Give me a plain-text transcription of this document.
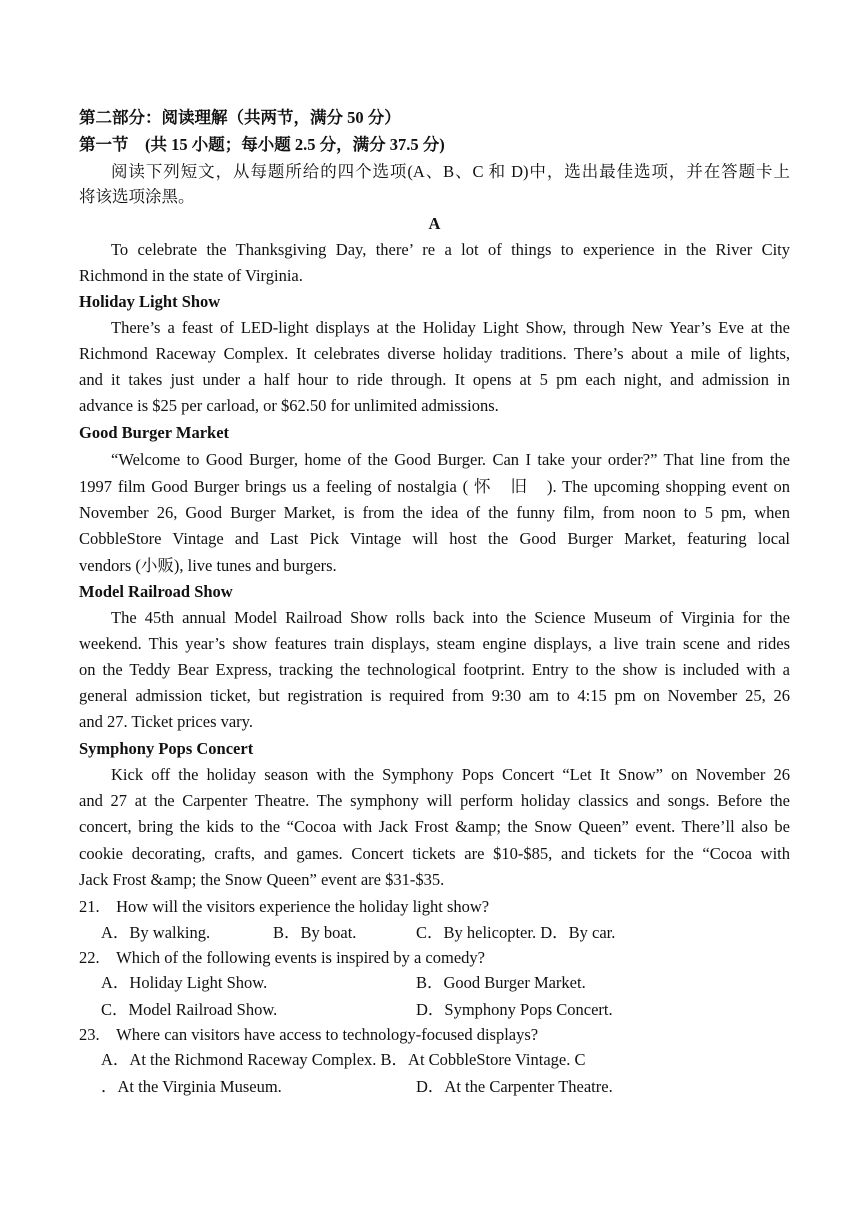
第二部分：阅读理解（共两节，满分 50 分）
第一节　(共 15 小题；每小题 2.5 分，满分 37.5 分)
阅读下列短文，从每题所给的四个选项(A、B、C 和 D)中，选出最佳选项，并在答题卡上
将该选项涂黑。
A
To celebrate the Thanksgiving Day, there’ re a lot of things to experience in the River City
Richmond in the state of Virginia.
Holiday Light Show
There’s a feast of LED-light displays at the Holiday Light Show, through New Year’s Eve at the
Richmond Raceway Complex. It celebrates diverse holiday traditions. There’s about a mile of lights,
and it takes just under a half hour to ride through. It opens at 5 pm each night, and admission in
advance is $25 per carload, or $62.50 for unlimited admissions.
Good Burger Market
“Welcome to Good Burger, home of the Good Burger. Can I take your order?” That line from the
1997 film Good Burger brings us a feeling of nostalgia ( 怀　旧　). The upcoming shopping event on
November 26, Good Burger Market, is from the idea of the funny film, from noon to 5 pm, when
CobbleStore Vintage and Last Pick Vintage will host the Good Burger Market, featuring local
vendors (小贩), live tunes and burgers.
Model Railroad Show
The 45th annual Model Railroad Show rolls back into the Science Museum of Virginia for the
weekend. This year’s show features train displays, steam engine displays, a live train scene and rides
on the Teddy Bear Express, tracking the technological footprint. Entry to the show is included with a
general admission ticket, but registration is required from 9:30 am to 4:15 pm on November 25, 26
and 27. Ticket prices vary.
Symphony Pops Concert
Kick off the holiday season with the Symphony Pops Concert “Let It Snow” on November 26
and 27 at the Carpenter Theatre. The symphony will perform holiday classics and songs. Before the
concert, bring the kids to the “Cocoa with Jack Frost &amp; the Snow Queen” event. There’ll also be
cookie decorating, crafts, and games. Concert tickets are $10-$85, and tickets for the “Cocoa with
Jack Frost &amp; the Snow Queen” event are $31-$35.
21.　How will the visitors experience the holiday light show?
A．By walking.	B．By boat.	C．By helicopter. D．By car.
22.　Which of the following events is inspired by a comedy?
A．Holiday Light Show.	B．Good Burger Market.
C．Model Railroad Show.	D．Symphony Pops Concert.
23.　Where can visitors have access to technology-focused displays?
A．At the Richmond Raceway Complex. B．At CobbleStore Vintage. C
．At the Virginia Museum.	D．At the Carpenter Theatre.
